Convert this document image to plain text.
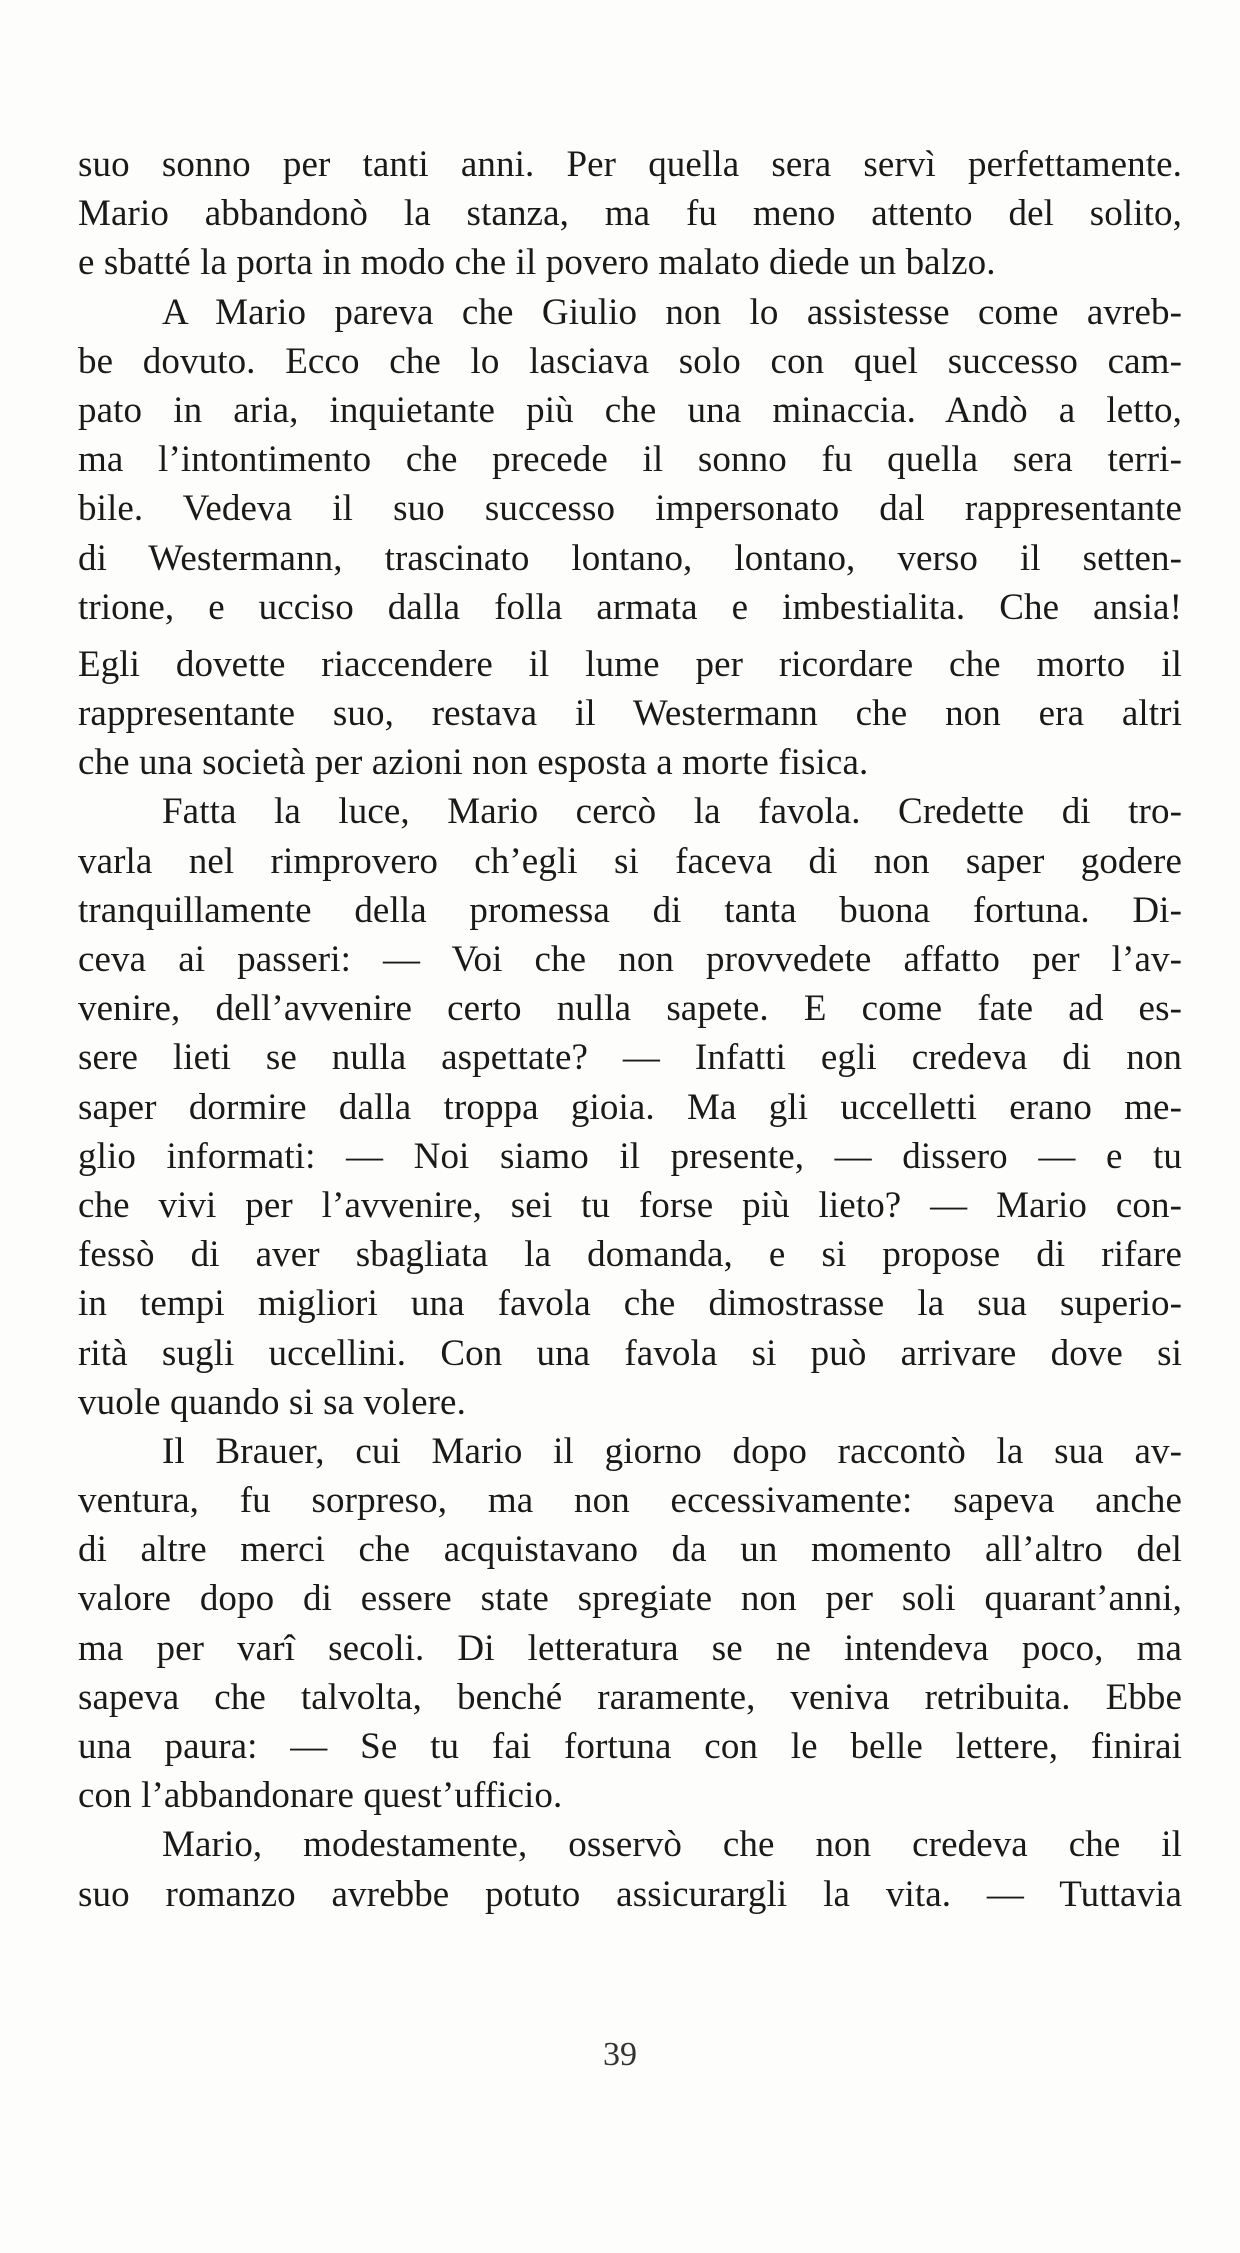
suo sonno per tanti anni. Per quella sera servì perfettamente.
Mario abbandonò la stanza, ma fu meno attento del solito,
e sbatté la porta in modo che il povero malato diede un balzo.
A Mario pareva che Giulio non lo assistesse come avreb-
be dovuto. Ecco che lo lasciava solo con quel successo cam-
pato in aria, inquietante più che una minaccia. Andò a letto,
ma l’intontimento che precede il sonno fu quella sera terri-
bile. Vedeva il suo successo impersonato dal rappresentante
di Westermann, trascinato lontano, lontano, verso il setten-
trione, e ucciso dalla folla armata e imbestialita. Che ansia!
Egli dovette riaccendere il lume per ricordare che morto il
rappresentante suo, restava il Westermann che non era altri
che una società per azioni non esposta a morte fisica.
Fatta la luce, Mario cercò la favola. Credette di tro-
varla nel rimprovero ch’egli si faceva di non saper godere
tranquillamente della promessa di tanta buona fortuna. Di-
ceva ai passeri: — Voi che non provvedete affatto per l’av-
venire, dell’avvenire certo nulla sapete. E come fate ad es-
sere lieti se nulla aspettate? — Infatti egli credeva di non
saper dormire dalla troppa gioia. Ma gli uccelletti erano me-
glio informati: — Noi siamo il presente, — dissero — e tu
che vivi per l’avvenire, sei tu forse più lieto? — Mario con-
fessò di aver sbagliata la domanda, e si propose di rifare
in tempi migliori una favola che dimostrasse la sua superio-
rità sugli uccellini. Con una favola si può arrivare dove si
vuole quando si sa volere.
Il Brauer, cui Mario il giorno dopo raccontò la sua av-
ventura, fu sorpreso, ma non eccessivamente: sapeva anche
di altre merci che acquistavano da un momento all’altro del
valore dopo di essere state spregiate non per soli quarant’anni,
ma per varî secoli. Di letteratura se ne intendeva poco, ma
sapeva che talvolta, benché raramente, veniva retribuita. Ebbe
una paura: — Se tu fai fortuna con le belle lettere, finirai
con l’abbandonare quest’ufficio.
Mario, modestamente, osservò che non credeva che il
suo romanzo avrebbe potuto assicurargli la vita. — Tuttavia
39
